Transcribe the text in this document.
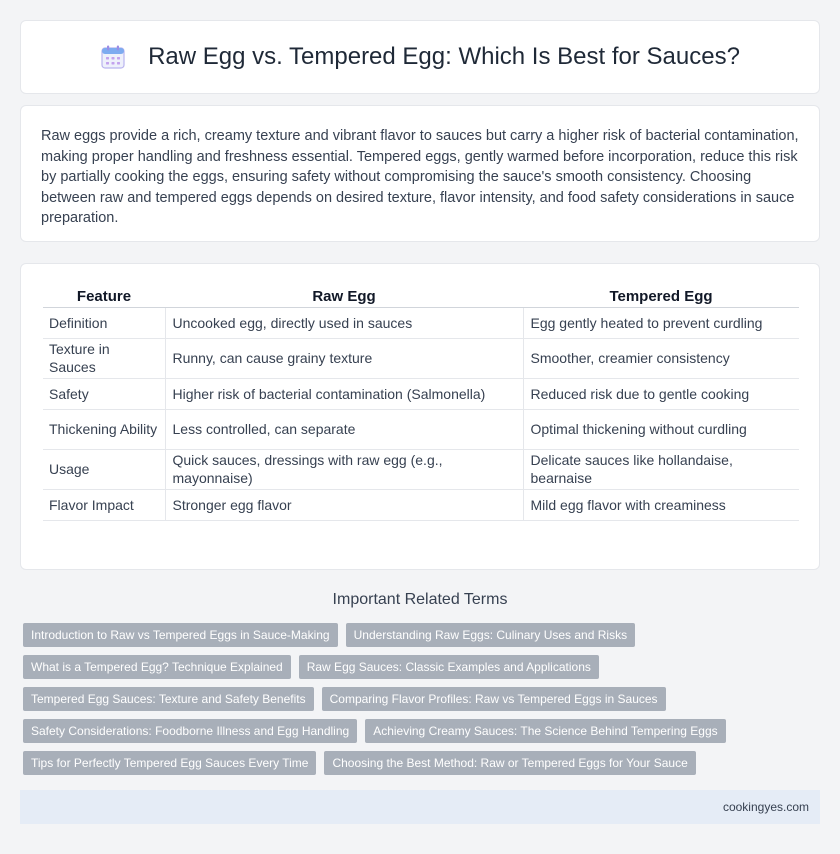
Raw Egg vs. Tempered Egg: Which Is Best for Sauces?

Raw eggs provide a rich, creamy texture and vibrant flavor to sauces but carry a higher risk of bacterial contamination, making proper handling and freshness essential. Tempered eggs, gently warmed before incorporation, reduce this risk by partially cooking the eggs, ensuring safety without compromising the sauce's smooth consistency. Choosing between raw and tempered eggs depends on desired texture, flavor intensity, and food safety considerations in sauce preparation.

Feature	Raw Egg	Tempered Egg
Definition	Uncooked egg, directly used in sauces	Egg gently heated to prevent curdling
Texture in Sauces	Runny, can cause grainy texture	Smoother, creamier consistency
Safety	Higher risk of bacterial contamination (Salmonella)	Reduced risk due to gentle cooking
Thickening Ability	Less controlled, can separate	Optimal thickening without curdling
Usage	Quick sauces, dressings with raw egg (e.g., mayonnaise)	Delicate sauces like hollandaise, bearnaise
Flavor Impact	Stronger egg flavor	Mild egg flavor with creaminess
Important Related Terms
Introduction to Raw vs Tempered Eggs in Sauce-Making	Understanding Raw Eggs: Culinary Uses and Risks
What is a Tempered Egg? Technique Explained	Raw Egg Sauces: Classic Examples and Applications
Tempered Egg Sauces: Texture and Safety Benefits	Comparing Flavor Profiles: Raw vs Tempered Eggs in Sauces
Safety Considerations: Foodborne Illness and Egg Handling	Achieving Creamy Sauces: The Science Behind Tempering Eggs
Tips for Perfectly Tempered Egg Sauces Every Time	Choosing the Best Method: Raw or Tempered Eggs for Your Sauce
cookingyes.com
